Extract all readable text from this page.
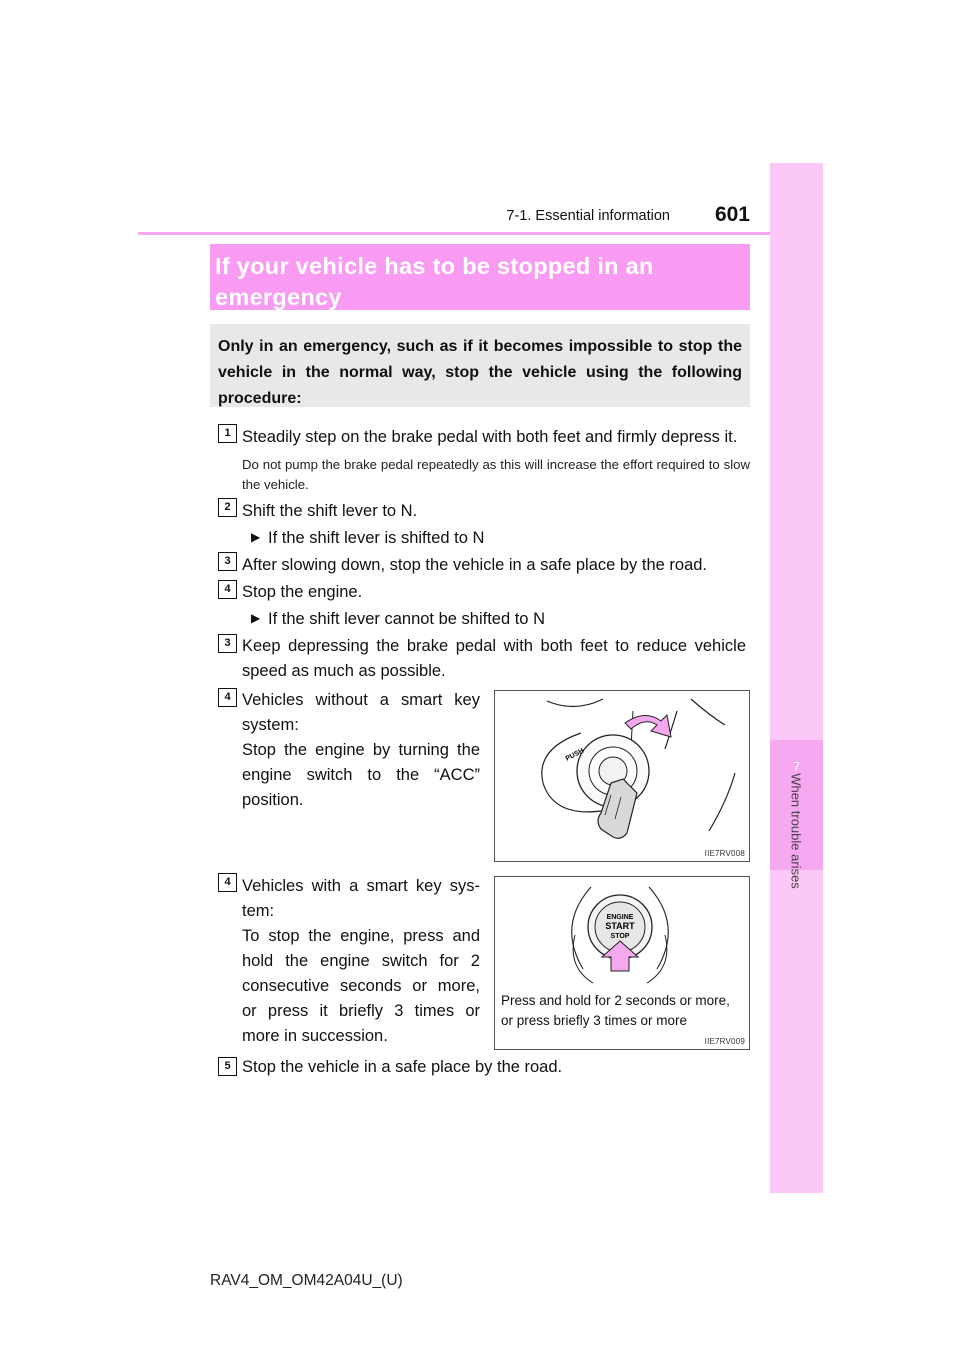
7-1. Essential information	601
7
When trouble arises
If your vehicle has to be stopped in an emergency
Only in an emergency, such as if it becomes impossible to stop the vehicle in the normal way, stop the vehicle using the following procedure:
1 Steadily step on the brake pedal with both feet and firmly depress it.
Do not pump the brake pedal repeatedly as this will increase the effort required to slow the vehicle.
2 Shift the shift lever to N.
▶ If the shift lever is shifted to N
3 After slowing down, stop the vehicle in a safe place by the road.
4 Stop the engine.
▶ If the shift lever cannot be shifted to N
3 Keep depressing the brake pedal with both feet to reduce vehicle speed as much as possible.
4 Vehicles without a smart key
system:
Stop the engine by turning the engine switch to the “ACC” position.
PUSH
IIE7RV008
4 Vehicles with a smart key sys-
tem:
To stop the engine, press and hold the engine switch for 2 consecutive seconds or more, or press it briefly 3 times or more in succession.
ENGINE
START
STOP
Press and hold for 2 seconds or more,
or press briefly 3 times or more
IIE7RV009
5 Stop the vehicle in a safe place by the road.
RAV4_OM_OM42A04U_(U)
